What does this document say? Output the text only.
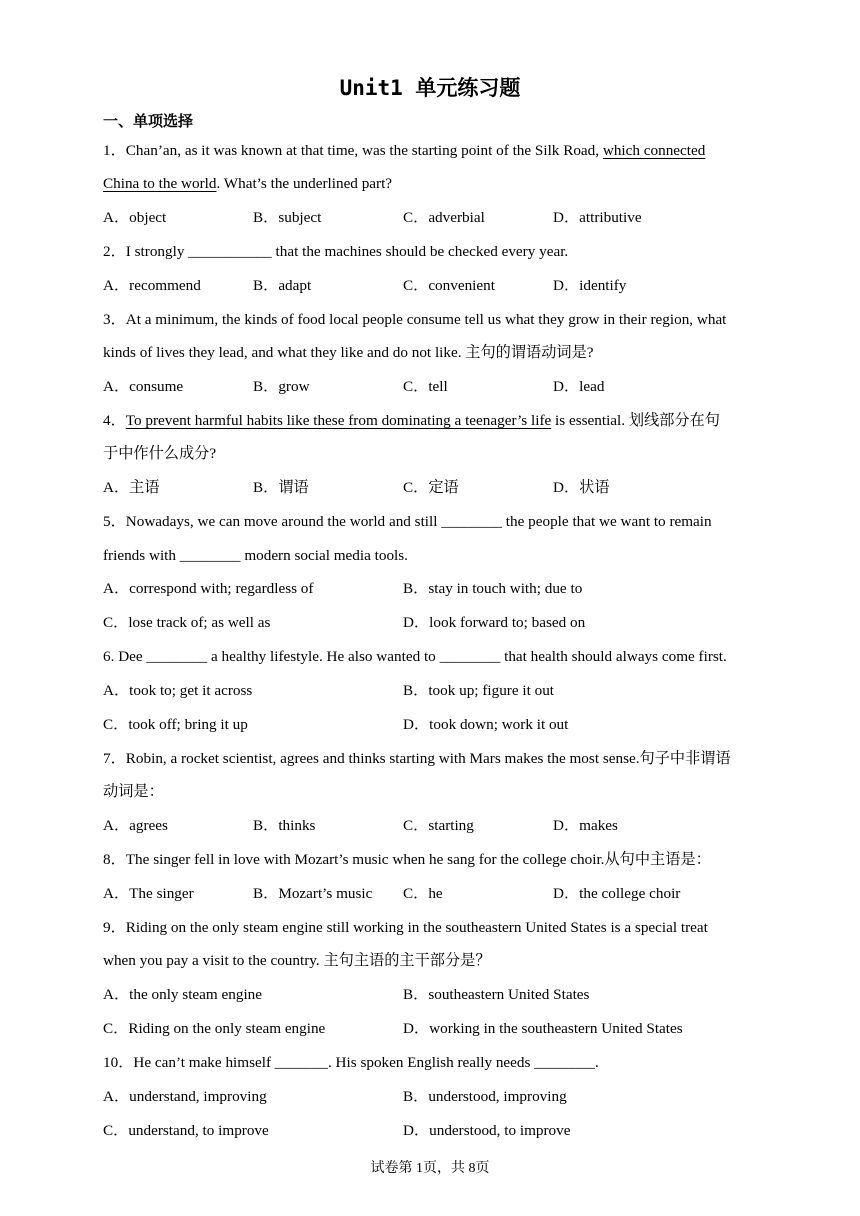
Unit1 单元练习题
一、单项选择
1．Chan’an, as it was known at that time, was the starting point of the Silk Road, which connected
China to the world. What’s the underlined part?
A．object	B．subject	C．adverbial	D．attributive
2．I strongly ___________ that the machines should be checked every year.
A．recommend	B．adapt	C．convenient	D．identify
3．At a minimum, the kinds of food local people consume tell us what they grow in their region, what
kinds of lives they lead, and what they like and do not like. 主句的谓语动词是?
A．consume	B．grow	C．tell	D．lead
4．To prevent harmful habits like these from dominating a teenager’s life is essential. 划线部分在句
于中作什么成分?
A．主语	B．谓语	C．定语	D．状语
5．Nowadays, we can move around the world and still ________ the people that we want to remain
friends with ________ modern social media tools.
A．correspond with; regardless of	B．stay in touch with; due to
C．lose track of; as well as	D．look forward to; based on
6. Dee ________ a healthy lifestyle. He also wanted to ________ that health should always come first.
A．took to; get it across	B．took up; figure it out
C．took off; bring it up	D．took down; work it out
7．Robin, a rocket scientist, agrees and thinks starting with Mars makes the most sense.句子中非谓语
动词是：
A．agrees	B．thinks	C．starting	D．makes
8．The singer fell in love with Mozart’s music when he sang for the college choir.从句中主语是：
A．The singer	B．Mozart’s music C．he	D．the college choir
9．Riding on the only steam engine still working in the southeastern United States is a special treat
when you pay a visit to the country. 主句主语的主干部分是？
A．the only steam engine	B．southeastern United States
C．Riding on the only steam engine	D．working in the southeastern United States
10．He can’t make himself _______. His spoken English really needs ________.
A．understand, improving	B．understood, improving
C．understand, to improve	D．understood, to improve
试卷第 1页，共 8页
